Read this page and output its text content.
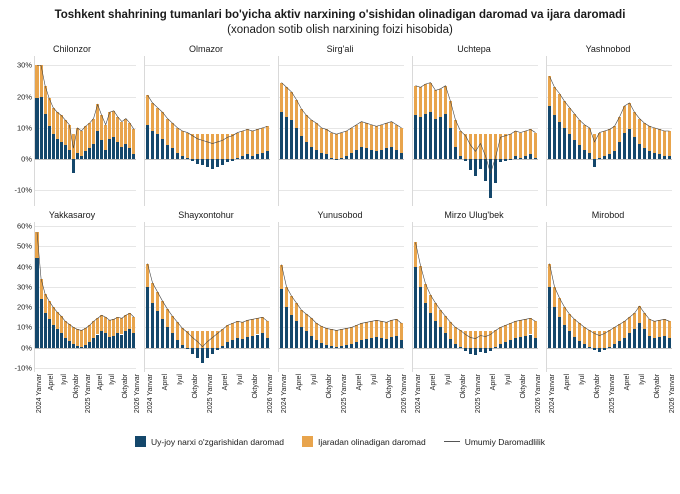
Toshkent shahrining tumanlari bo'yicha aktiv narxining o'sishidan olinadigan daromad va ijara daromadi (xonadon sotib olish narxining foizi hisobida)
Chilonzor
30%
20%
10%
0%
-10%
Olmazor	Sirg'ali	Uchtepa	Yashnobod
Yakkasaroy
60%
50%
40%
30%
20%
10%
0%
-10%
Shayxontohur	Yunusobod	Mirzo Ulug'bek	Mirobod
2024 Yanvar Aprel Iyul Oktyabr 2025 Yanvar Aprel Iyul Oktyabr 2026 Yanvar 2024 Yanvar Aprel Iyul Oktyabr 2025 Yanvar Aprel Iyul Oktyabr 2026 Yanvar 2024 Yanvar Aprel Iyul Oktyabr 2025 Yanvar Aprel Iyul Oktyabr 2026 Yanvar 2024 Yanvar Aprel Iyul Oktyabr 2025 Yanvar Aprel Iyul Oktyabr 2026 Yanvar 2024 Yanvar Aprel Iyul Oktyabr 2025 Yanvar Aprel Iyul Oktyabr 2026 Yanvar
Uy-joy narxi o'zgarishidan daromad	Ijaradan olinadigan daromad	Umumiy Daromadlilik
